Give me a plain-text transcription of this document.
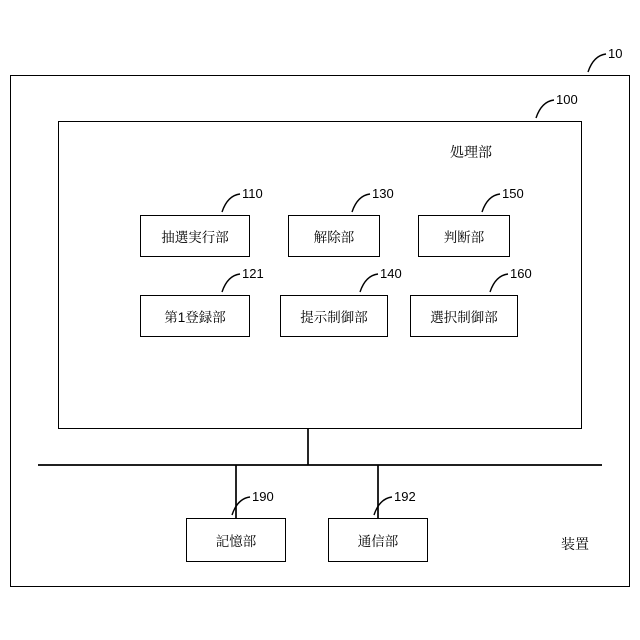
10
100
110	130	150
121	140	160
190	192
処理部
装置
抽選実行部	解除部	判断部
第1登録部	提示制御部	選択制御部
記憶部	通信部
